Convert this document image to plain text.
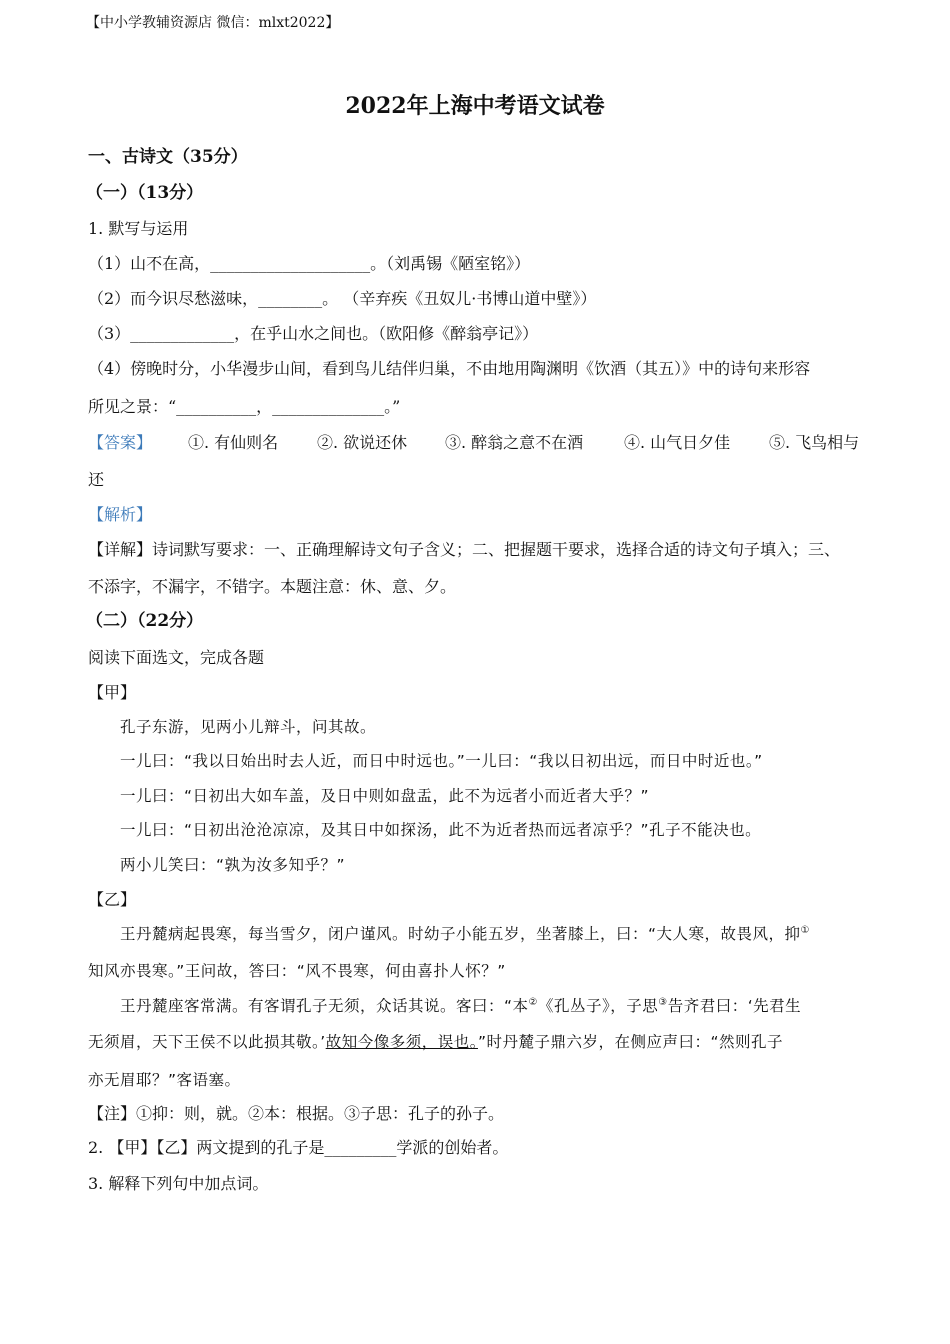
【中小学教辅资源店 微信：mlxt2022】
2022年上海中考语文试卷
一、古诗文（35分）
（一）（13分）
1. 默写与运用
（1）山不在高，____________________。（刘禹锡《陋室铭》）
（2）而今识尽愁滋味，________。 （辛弃疾《丑奴儿·书博山道中壁》）
（3）_____________，在乎山水之间也。（欧阳修《醉翁亭记》）
（4）傍晚时分，小华漫步山间，看到鸟儿结伴归巢，不由地用陶渊明《饮酒（其五）》中的诗句来形容
所见之景：“__________，______________。”
【答案】 ①. 有仙则名 ②. 欲说还休 ③. 醉翁之意不在酒	④. 山气日夕佳 ⑤. 飞鸟相与
还
【解析】
【详解】诗词默写要求：一、正确理解诗文句子含义；二、把握题干要求，选择合适的诗文句子填入；三、
不添字，不漏字，不错字。本题注意：休、意、夕。
（二）（22分）
阅读下面选文，完成各题
【甲】
孔子东游，见两小儿辩斗，问其故。
一儿曰：“我以日始出时去人近，而日中时远也。”一儿曰：“我以日初出远，而日中时近也。”
一儿曰：“日初出大如车盖，及日中则如盘盂，此不为远者小而近者大乎？”
一儿曰：“日初出沧沧凉凉，及其日中如探汤，此不为近者热而远者凉乎？”孔子不能决也。
两小儿笑曰：“孰为汝多知乎？”
【乙】
王丹麓病起畏寒，每当雪夕，闭户谨风。时幼子小能五岁，坐著膝上，曰：“大人寒，故畏风，抑①
知风亦畏寒。”王问故，答曰：“风不畏寒，何由喜扑人怀？”
王丹麓座客常满。有客谓孔子无须，众话其说。客曰：“本②《孔丛子》，子思③告齐君曰：‘先君生
无须眉，天下王侯不以此损其敬。’故知今像多须，误也。”时丹麓子鼎六岁，在侧应声曰：“然则孔子
亦无眉耶？”客语塞。
【注】①抑：则，就。②本：根据。③子思：孔子的孙子。
2. 【甲】【乙】两文提到的孔子是_________学派的创始者。
3. 解释下列句中加点词。
